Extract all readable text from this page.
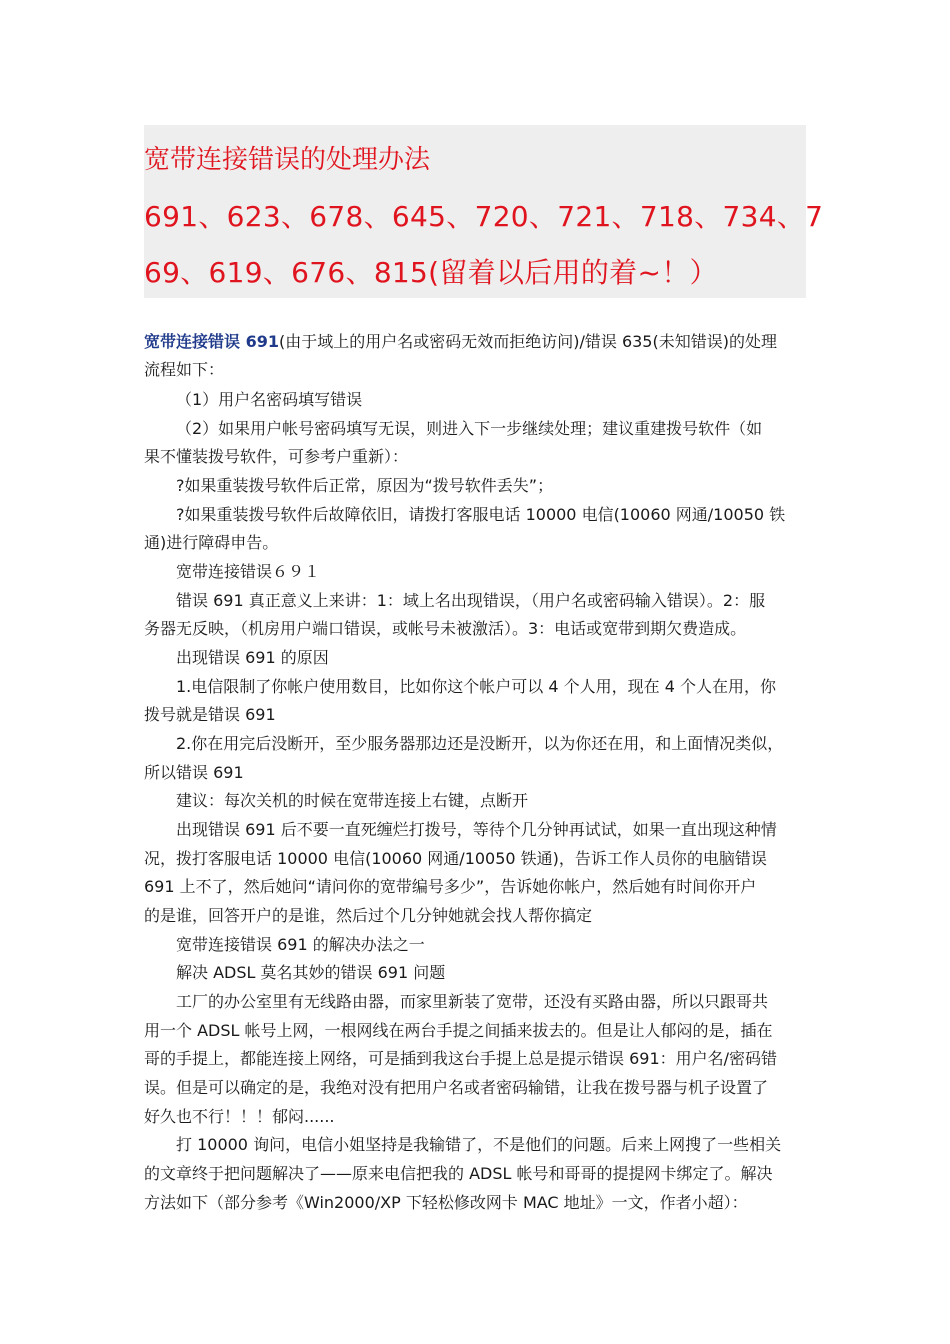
宽带连接错误的处理办法
691、623、678、645、720、721、718、734、7
69、619、676、815(留着以后用的着~！）
宽带连接错误 691(由于域上的用户名或密码无效而拒绝访问)/错误 635(未知错误)的处理
流程如下：
（1）用户名密码填写错误
（2）如果用户帐号密码填写无误，则进入下一步继续处理；建议重建拨号软件（如
果不懂装拨号软件，可参考户重新）：
?如果重装拨号软件后正常，原因为“拨号软件丢失”；
?如果重装拨号软件后故障依旧，请拨打客服电话 10000 电信(10060 网通/10050 铁
通)进行障碍申告。
宽带连接错误６９１
错误 691 真正意义上来讲：1：域上名出现错误，（用户名或密码输入错误）。2：服
务器无反映，（机房用户端口错误，或帐号未被激活）。3：电话或宽带到期欠费造成。
出现错误 691 的原因
1.电信限制了你帐户使用数目，比如你这个帐户可以 4 个人用，现在 4 个人在用，你
拨号就是错误 691
2.你在用完后没断开，至少服务器那边还是没断开，以为你还在用，和上面情况类似，
所以错误 691
建议：每次关机的时候在宽带连接上右键，点断开
出现错误 691 后不要一直死缠烂打拨号，等待个几分钟再试试，如果一直出现这种情
况，拨打客服电话 10000 电信(10060 网通/10050 铁通)，告诉工作人员你的电脑错误
691 上不了，然后她问“请问你的宽带编号多少”，告诉她你帐户，然后她有时间你开户
的是谁，回答开户的是谁，然后过个几分钟她就会找人帮你搞定
宽带连接错误 691 的解决办法之一
解决 ADSL 莫名其妙的错误 691 问题
工厂的办公室里有无线路由器，而家里新装了宽带，还没有买路由器，所以只跟哥共
用一个 ADSL 帐号上网，一根网线在两台手提之间插来拔去的。但是让人郁闷的是，插在
哥的手提上，都能连接上网络，可是插到我这台手提上总是提示错误 691：用户名/密码错
误。但是可以确定的是，我绝对没有把用户名或者密码输错，让我在拨号器与机子设置了
好久也不行！！！郁闷......
打 10000 询问，电信小姐坚持是我输错了，不是他们的问题。后来上网搜了一些相关
的文章终于把问题解决了——原来电信把我的 ADSL 帐号和哥哥的提提网卡绑定了。解决
方法如下（部分参考《Win2000/XP 下轻松修改网卡 MAC 地址》一文，作者小超）：
